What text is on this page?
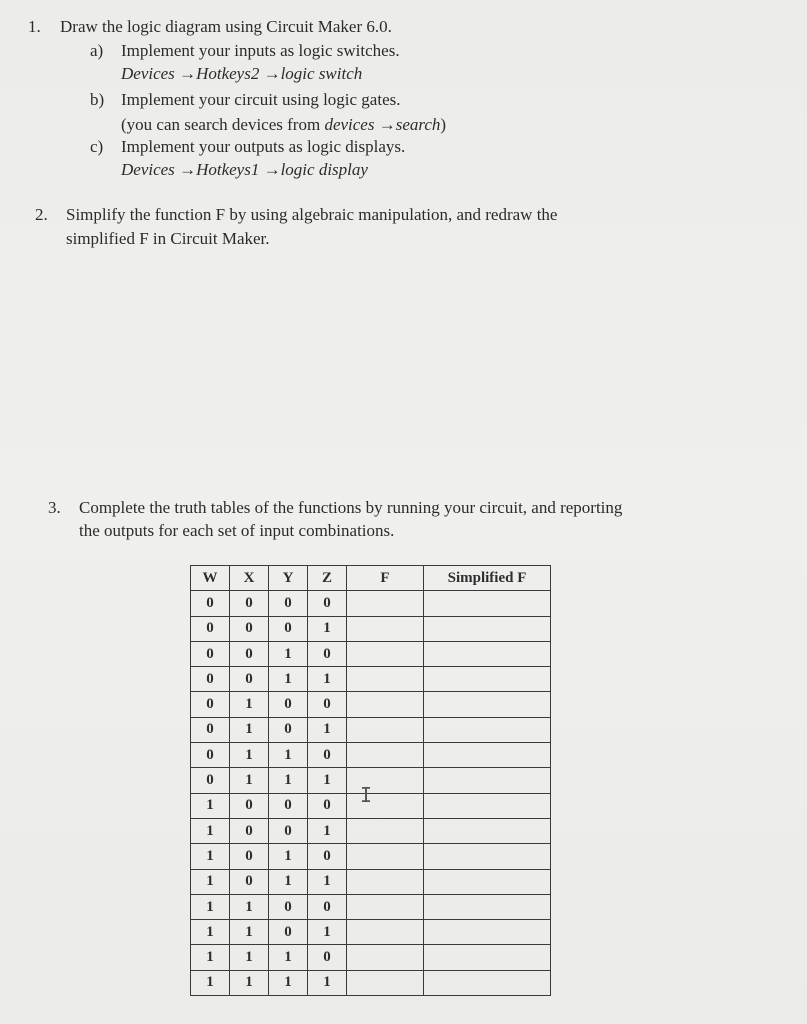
1. Draw the logic diagram using Circuit Maker 6.0.
a) Implement your inputs as logic switches.
Devices →Hotkeys2 →logic switch
b) Implement your circuit using logic gates.
(you can search devices from devices →search)
c) Implement your outputs as logic displays.
Devices →Hotkeys1 →logic display
2. Simplify the function F by using algebraic manipulation, and redraw the
simplified F in Circuit Maker.
3. Complete the truth tables of the functions by running your circuit, and reporting
the outputs for each set of input combinations.
W	X	Y	Z	F	Simplified F
0	0	0	0		
0	0	0	1		
0	0	1	0		
0	0	1	1		
0	1	0	0		
0	1	0	1		
0	1	1	0		
0	1	1	1		
1	0	0	0		
1	0	0	1		
1	0	1	0		
1	0	1	1		
1	1	0	0		
1	1	0	1		
1	1	1	0		
1	1	1	1		
I
